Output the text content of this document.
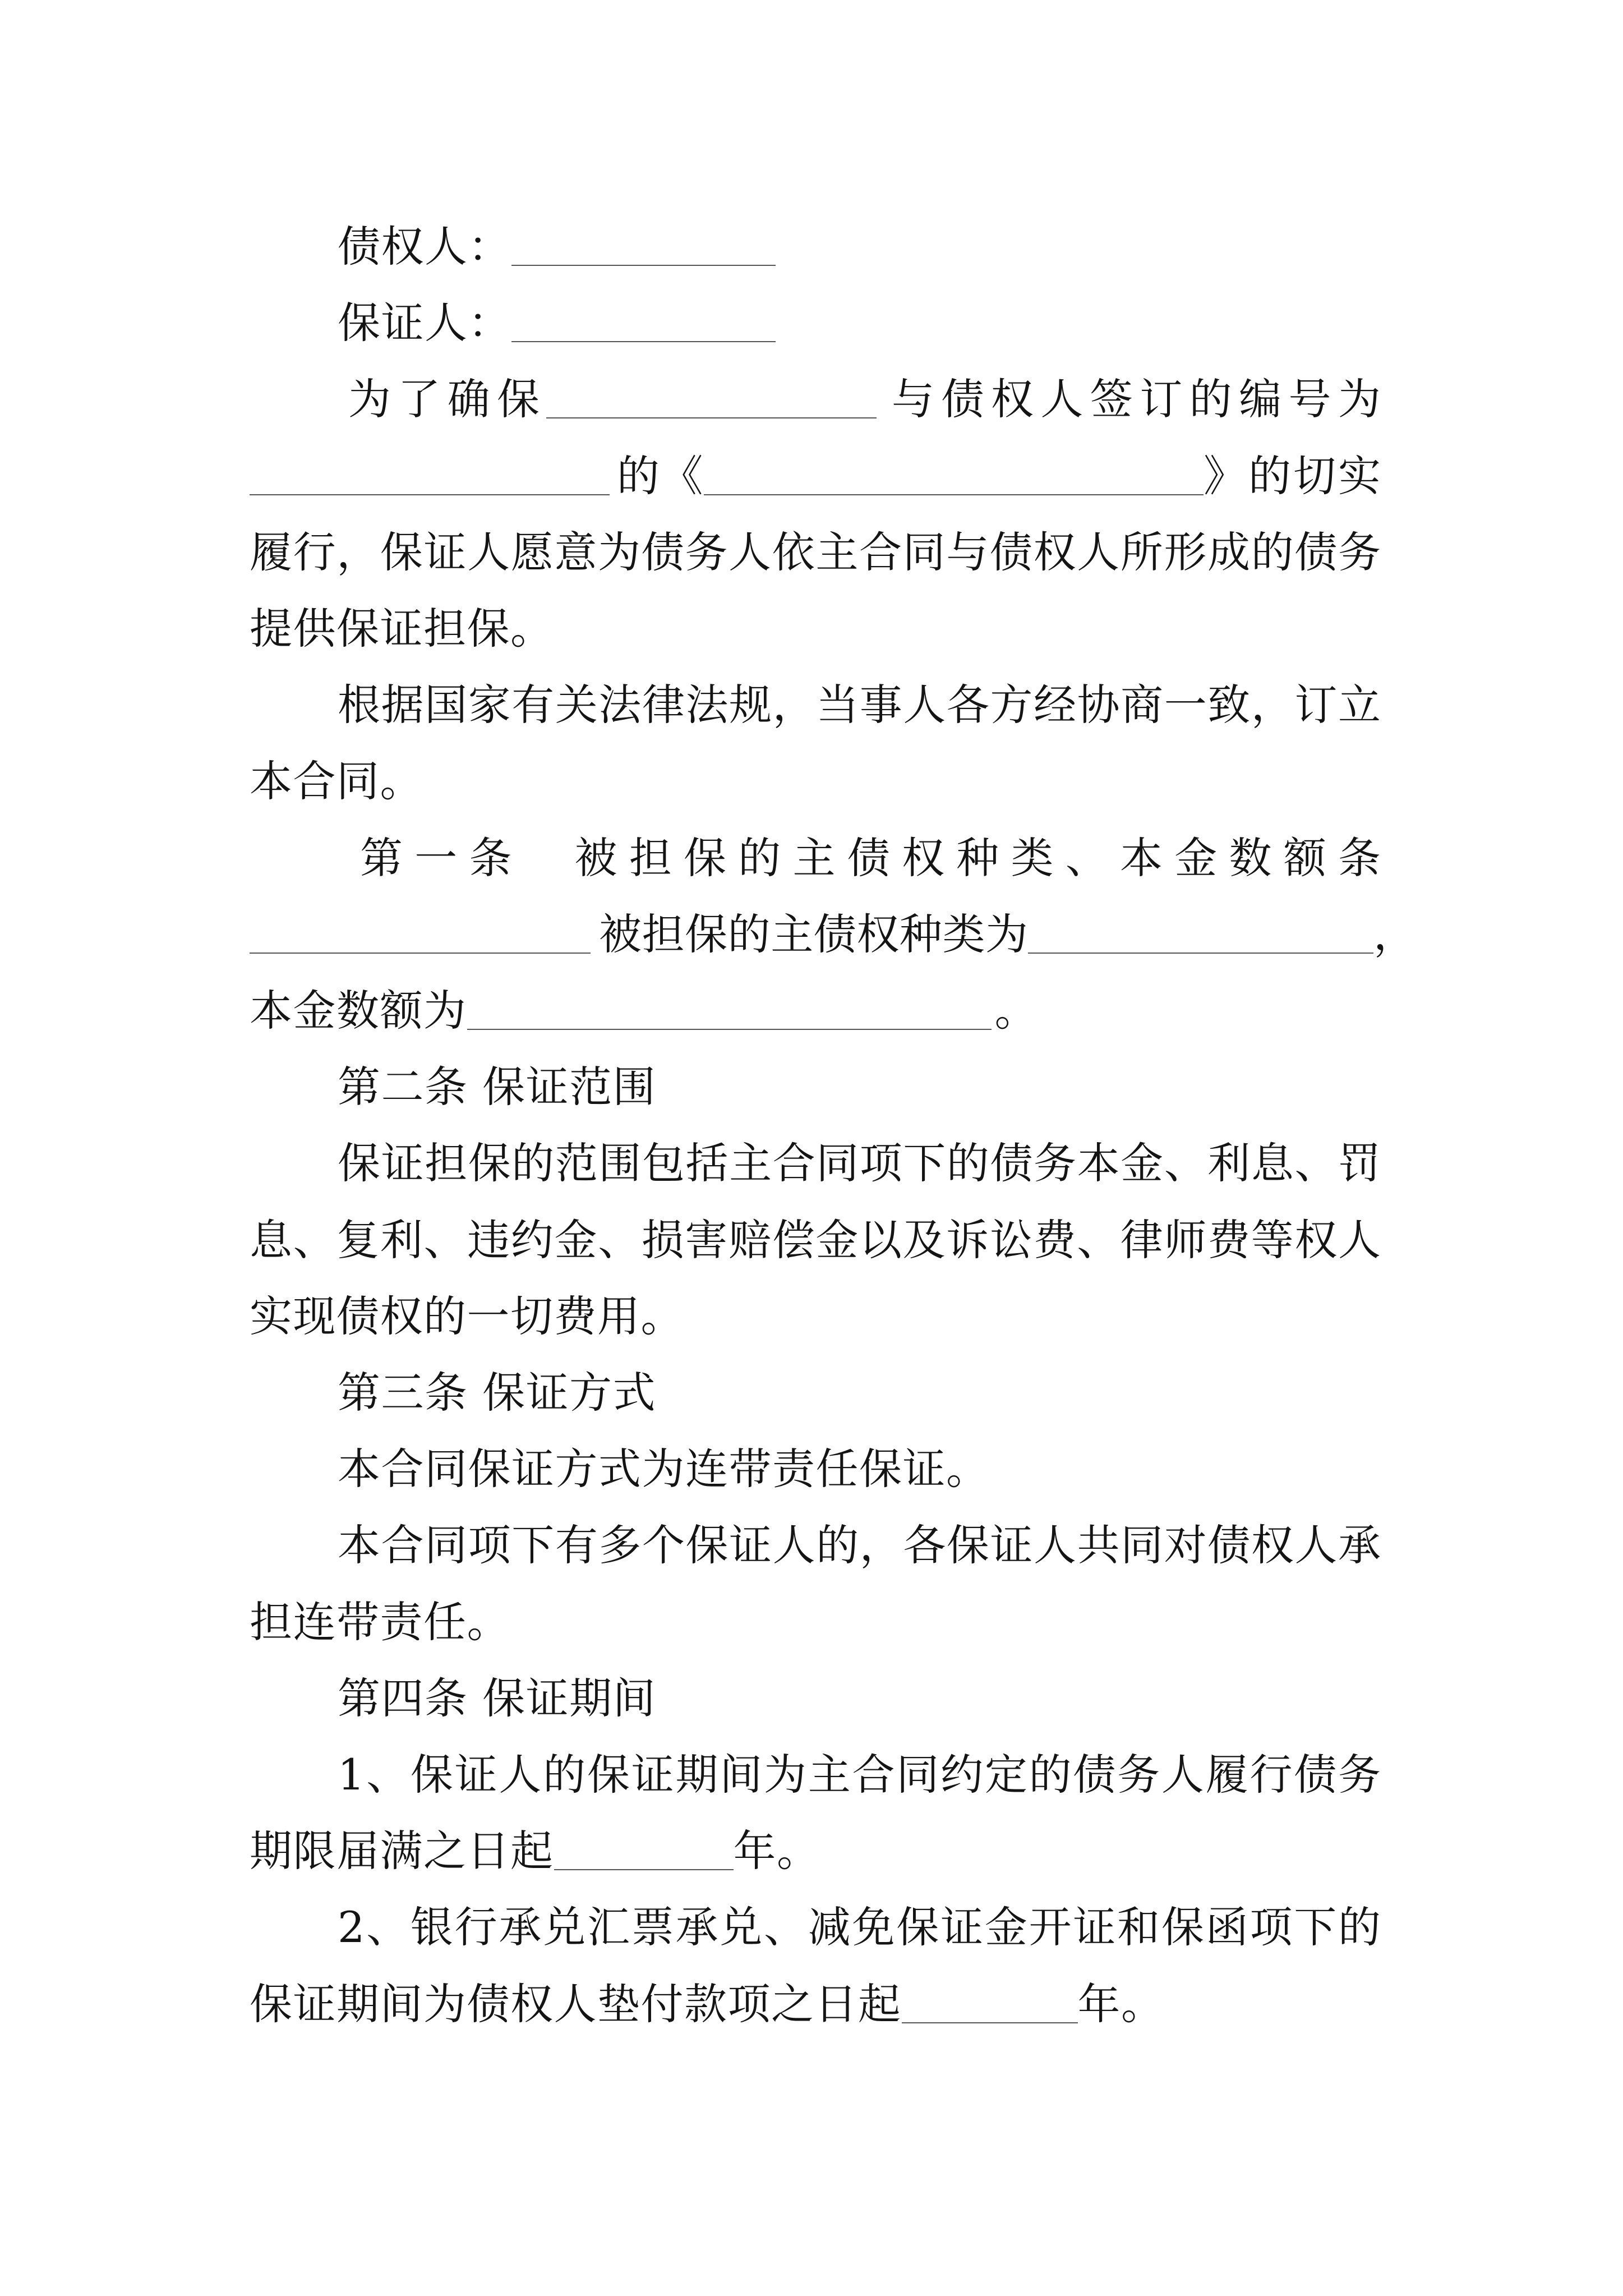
债权人：
保证人：
为了确保	与债权人签订的编号为
的《	》的切实
履行，保证人愿意为债务人依主合同与债权人所形成的债务
提供保证担保。
根据国家有关法律法规，当事人各方经协商一致，订立
本合同。
第一条  被担保的主债权种类、本金数额条
被担保的主债权种类为	，
本金数额为	。
第二条 保证范围
保证担保的范围包括主合同项下的债务本金、利息、罚
息、复利、违约金、损害赔偿金以及诉讼费、律师费等权人
实现债权的一切费用。
第三条 保证方式
本合同保证方式为连带责任保证。
本合同项下有多个保证人的，各保证人共同对债权人承
担连带责任。
第四条 保证期间
1、保证人的保证期间为主合同约定的债务人履行债务
期限届满之日起	年。
2、银行承兑汇票承兑、减免保证金开证和保函项下的
保证期间为债权人垫付款项之日起	年。
